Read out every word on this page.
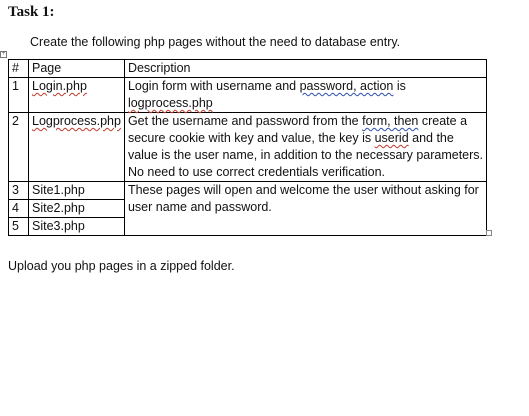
Task 1:
Create the following php pages without the need to database entry.
+
#	Page	Description
1	Login.php	Login form with username and password, action is logprocess.php
2	Logprocess.php	Get the username and password from the form, then create a secure cookie with key and value, the key is userid and the value is the user name, in addition to the necessary parameters. No need to use correct credentials verification.
3	Site1.php	These pages will open and welcome the user without asking for user name and password.
4	Site2.php	
5	Site3.php	
Upload you php pages in a zipped folder.
